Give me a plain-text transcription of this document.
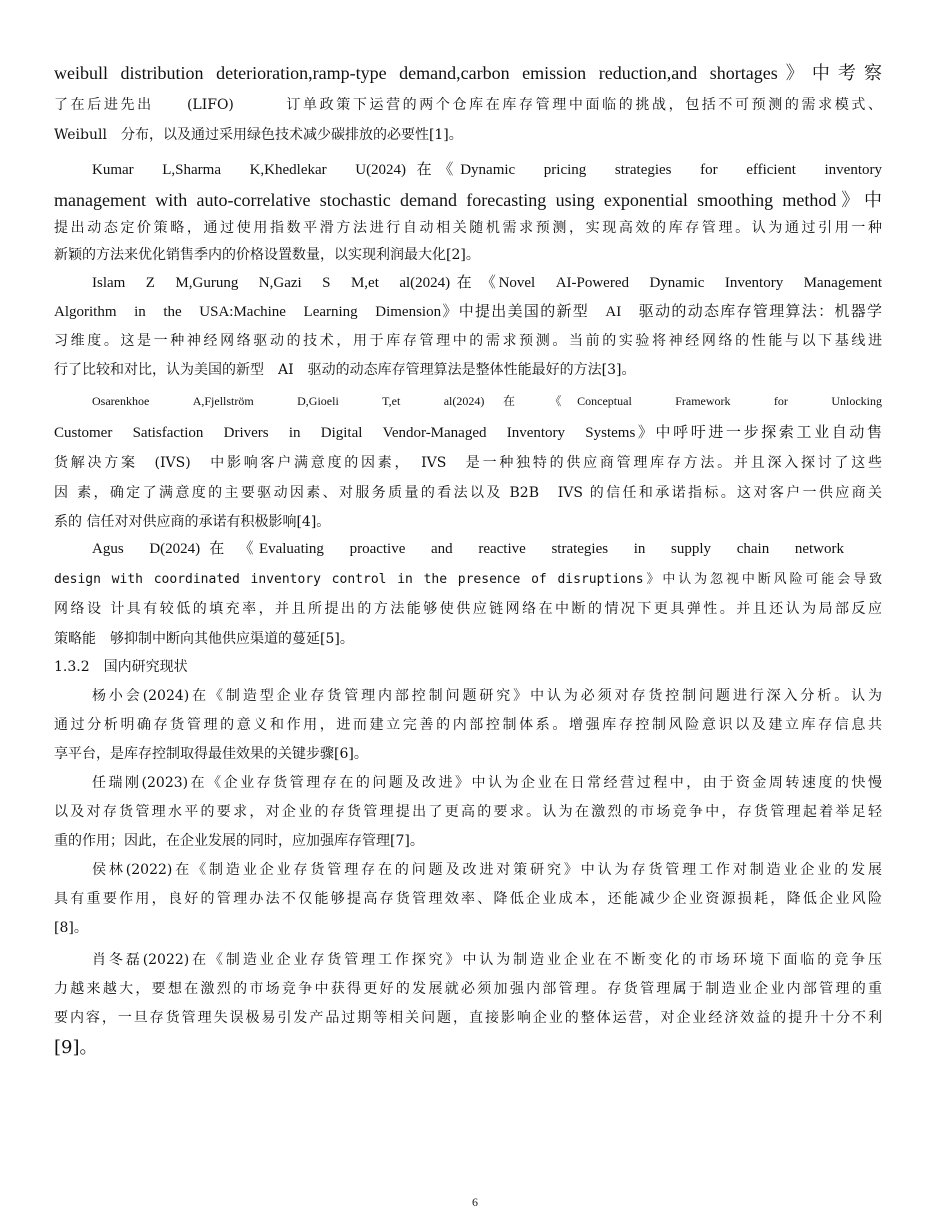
weibull distribution deterioration,ramp-type demand,carbon emission reduction,and shortages》中考察
了在后进先出　　(LIFO)　　　订单政策下运营的两个仓库在库存管理中面临的挑战，包括不可预测的需求模式、
Weibull　分布，以及通过采用绿色技术减少碳排放的必要性[1]。
Kumar　L,Sharma　K,Khedlekar　U(2024) 在《Dynamic　pricing　strategies　for　efficient　inventory
management with auto-correlative stochastic demand forecasting using exponential smoothing method》中
提出动态定价策略，通过使用指数平滑方法进行自动相关随机需求预测，实现高效的库存管理。认为通过引用一种
新颖的方法来优化销售季内的价格设置数量，以实现利润最大化[2]。
Islam　Z　M,Gurung　N,Gazi　S　M,et　al(2024) 在 《Novel　AI-Powered　Dynamic　Inventory　Management
Algorithm　in　the　USA:Machine　Learning　Dimension》中提出美国的新型　AI　驱动的动态库存管理算法：机器学
习维度。这是一种神经网络驱动的技术，用于库存管理中的需求预测。当前的实验将神经网络的性能与以下基线进
行了比较和对比，认为美国的新型　AI　驱动的动态库存管理算法是整体性能最好的方法[3]。
Osarenkhoe　A,Fjellström　D,Gioeli　T,et　al(2024) 在 《Conceptual　Framework　for　Unlocking
Customer　Satisfaction　Drivers　in　Digital　Vendor-Managed　Inventory　Systems》中呼吁进一步探索工业自动售
货解决方案　(IVS)　中影响客户满意度的因素，　IVS　是一种独特的供应商管理库存方法。并且深入探讨了这些
因 素，确定了满意度的主要驱动因素、对服务质量的看法以及 B2B　IVS 的信任和承诺指标。这对客户一供应商关
系的 信任对对供应商的承诺有积极影响[4]。
Agus　D(2024) 在 《Evaluating　proactive　and　reactive　strategies　in　supply　chain　network
design with coordinated inventory control in the presence of disruptions》中认为忽视中断风险可能会导致
网络设 计具有较低的填充率，并且所提出的方法能够使供应链网络在中断的情况下更具弹性。并且还认为局部反应
策略能　够抑制中断向其他供应渠道的蔓延[5]。
1.3.2　国内研究现状
杨小会(2024)在《制造型企业存货管理内部控制问题研究》中认为必须对存货控制问题进行深入分析。认为
通过分析明确存货管理的意义和作用，进而建立完善的内部控制体系。增强库存控制风险意识以及建立库存信息共
享平台，是库存控制取得最佳效果的关键步骤[6]。
任瑞刚(2023)在《企业存货管理存在的问题及改进》中认为企业在日常经营过程中，由于资金周转速度的快慢
以及对存货管理水平的要求，对企业的存货管理提出了更高的要求。认为在激烈的市场竞争中，存货管理起着举足轻
重的作用；因此，在企业发展的同时，应加强库存管理[7]。
侯林(2022)在《制造业企业存货管理存在的问题及改进对策研究》中认为存货管理工作对制造业企业的发展
具有重要作用，良好的管理办法不仅能够提高存货管理效率、降低企业成本，还能减少企业资源损耗，降低企业风险
[8]。
肖冬磊(2022)在《制造业企业存货管理工作探究》中认为制造业企业在不断变化的市场环境下面临的竞争压
力越来越大，要想在激烈的市场竞争中获得更好的发展就必须加强内部管理。存货管理属于制造业企业内部管理的重
要内容，一旦存货管理失误极易引发产品过期等相关问题，直接影响企业的整体运营，对企业经济效益的提升十分不利
[9]。
6
